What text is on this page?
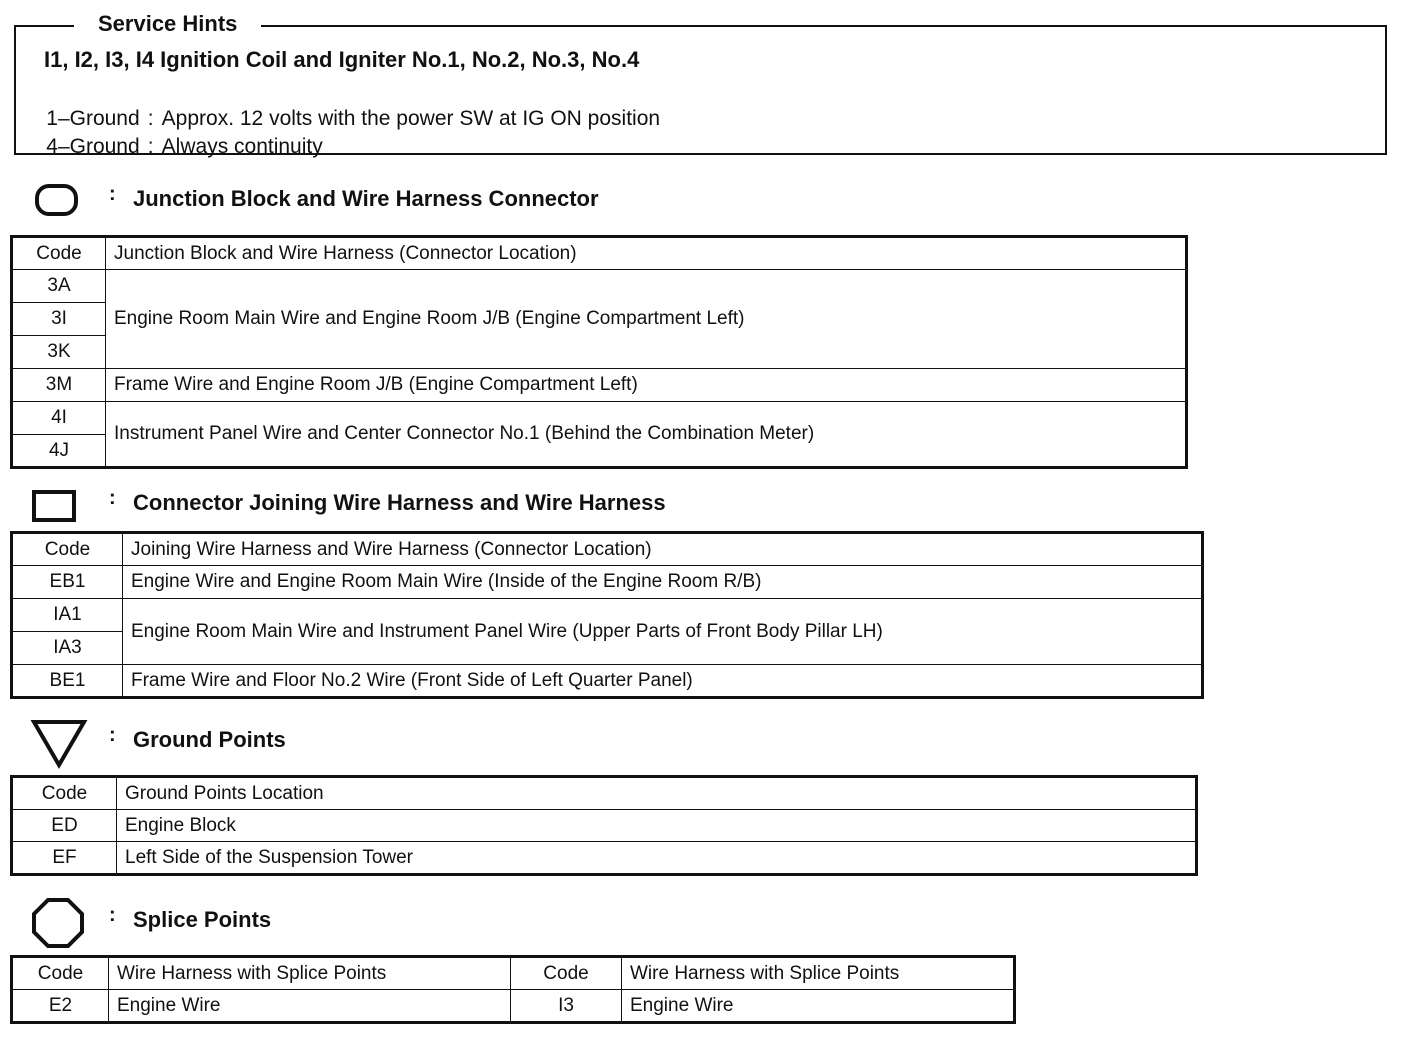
Service Hints
I1, I2, I3, I4 Ignition Coil and Igniter No.1, No.2, No.3, No.4

1–Ground : Approx. 12 volts with the power SW at IG ON position

4–Ground : Always continuity

: Junction Block and Wire Harness Connector
Code	Junction Block and Wire Harness (Connector Location)
3A	Engine Room Main Wire and Engine Room J/B (Engine Compartment Left)
3I	
3K	
3M	Frame Wire and Engine Room J/B (Engine Compartment Left)
4I	Instrument Panel Wire and Center Connector No.1 (Behind the Combination Meter)
4J	
: Connector Joining Wire Harness and Wire Harness
Code	Joining Wire Harness and Wire Harness (Connector Location)
EB1	Engine Wire and Engine Room Main Wire (Inside of the Engine Room R/B)
IA1	Engine Room Main Wire and Instrument Panel Wire (Upper Parts of Front Body Pillar LH)
IA3	
BE1	Frame Wire and Floor No.2 Wire (Front Side of Left Quarter Panel)
: Ground Points
Code	Ground Points Location
ED	Engine Block
EF	Left Side of the Suspension Tower
: Splice Points
Code	Wire Harness with Splice Points	Code	Wire Harness with Splice Points
E2	Engine Wire	I3	Engine Wire
